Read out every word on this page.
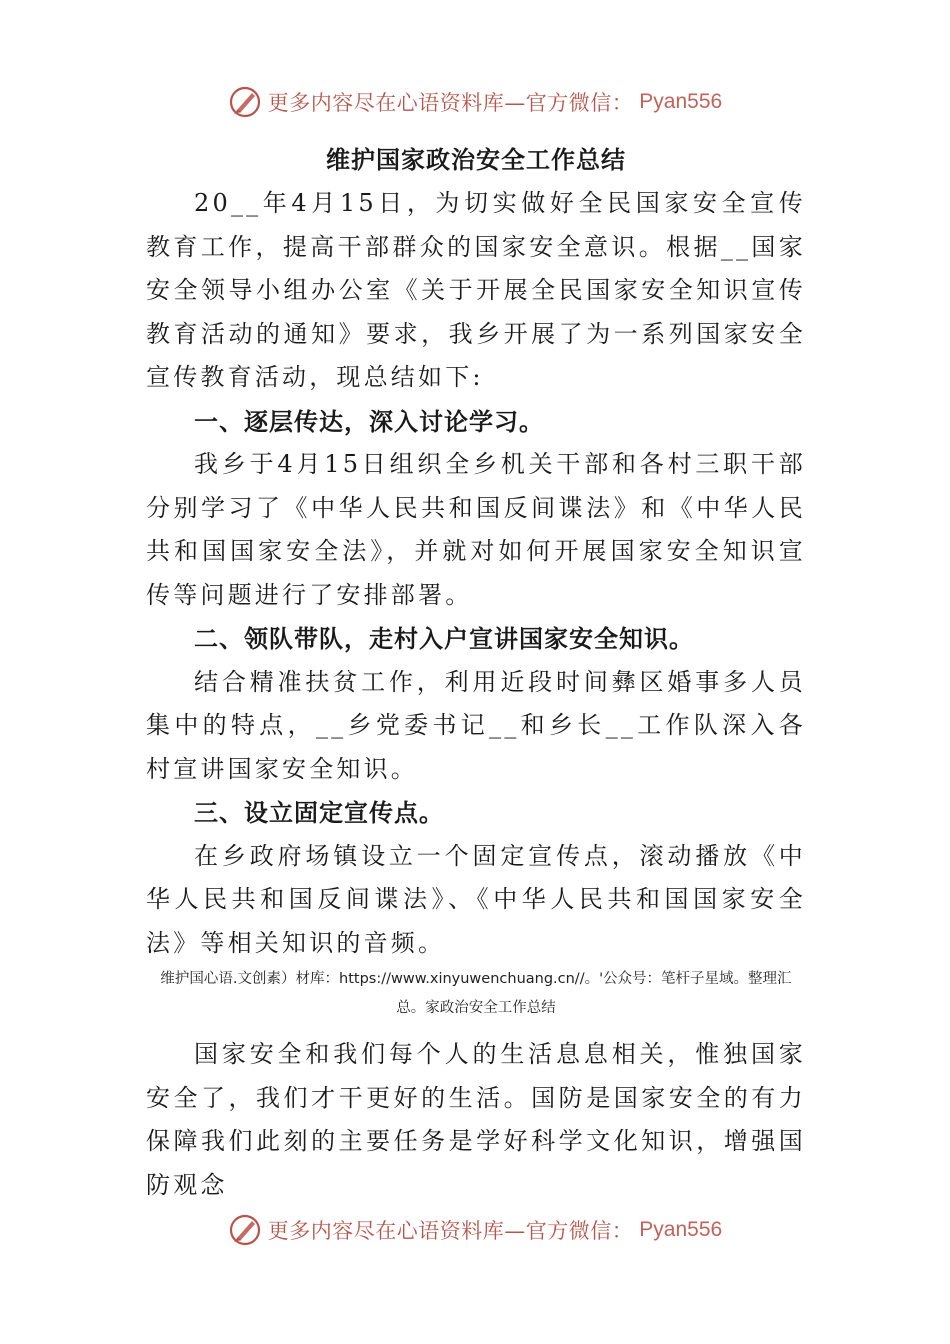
更多内容尽在心语资料库—官方微信： Pyan556
维护国家政治安全工作总结

20__年4月15日，为切实做好全民国家安全宣传教育工作，提高干部群众的国家安全意识。根据__国家安全领导小组办公室《关于开展全民国家安全知识宣传教育活动的通知》要求，我乡开展了为一系列国家安全宣传教育活动，现总结如下:

一、逐层传达，深入讨论学习。

我乡于4月15日组织全乡机关干部和各村三职干部分别学习了《中华人民共和国反间谍法》和《中华人民共和国国家安全法》，并就对如何开展国家安全知识宣传等问题进行了安排部署。

二、领队带队，走村入户宣讲国家安全知识。

结合精准扶贫工作，利用近段时间彝区婚事多人员集中的特点，__乡党委书记__和乡长__工作队深入各村宣讲国家安全知识。

三、设立固定宣传点。

在乡政府场镇设立一个固定宣传点，滚动播放《中华人民共和国反间谍法》、《中华人民共和国国家安全法》等相关知识的音频。

维护国心语.文创素）材库：https://www.xinyuwenchuang.cn//。'公众号：笔杆子星域。整理汇总。家政治安全工作总结

国家安全和我们每个人的生活息息相关，惟独国家安全了，我们才干更好的生活。国防是国家安全的有力保障我们此刻的主要任务是学好科学文化知识，增强国防观念

更多内容尽在心语资料库—官方微信： Pyan556
